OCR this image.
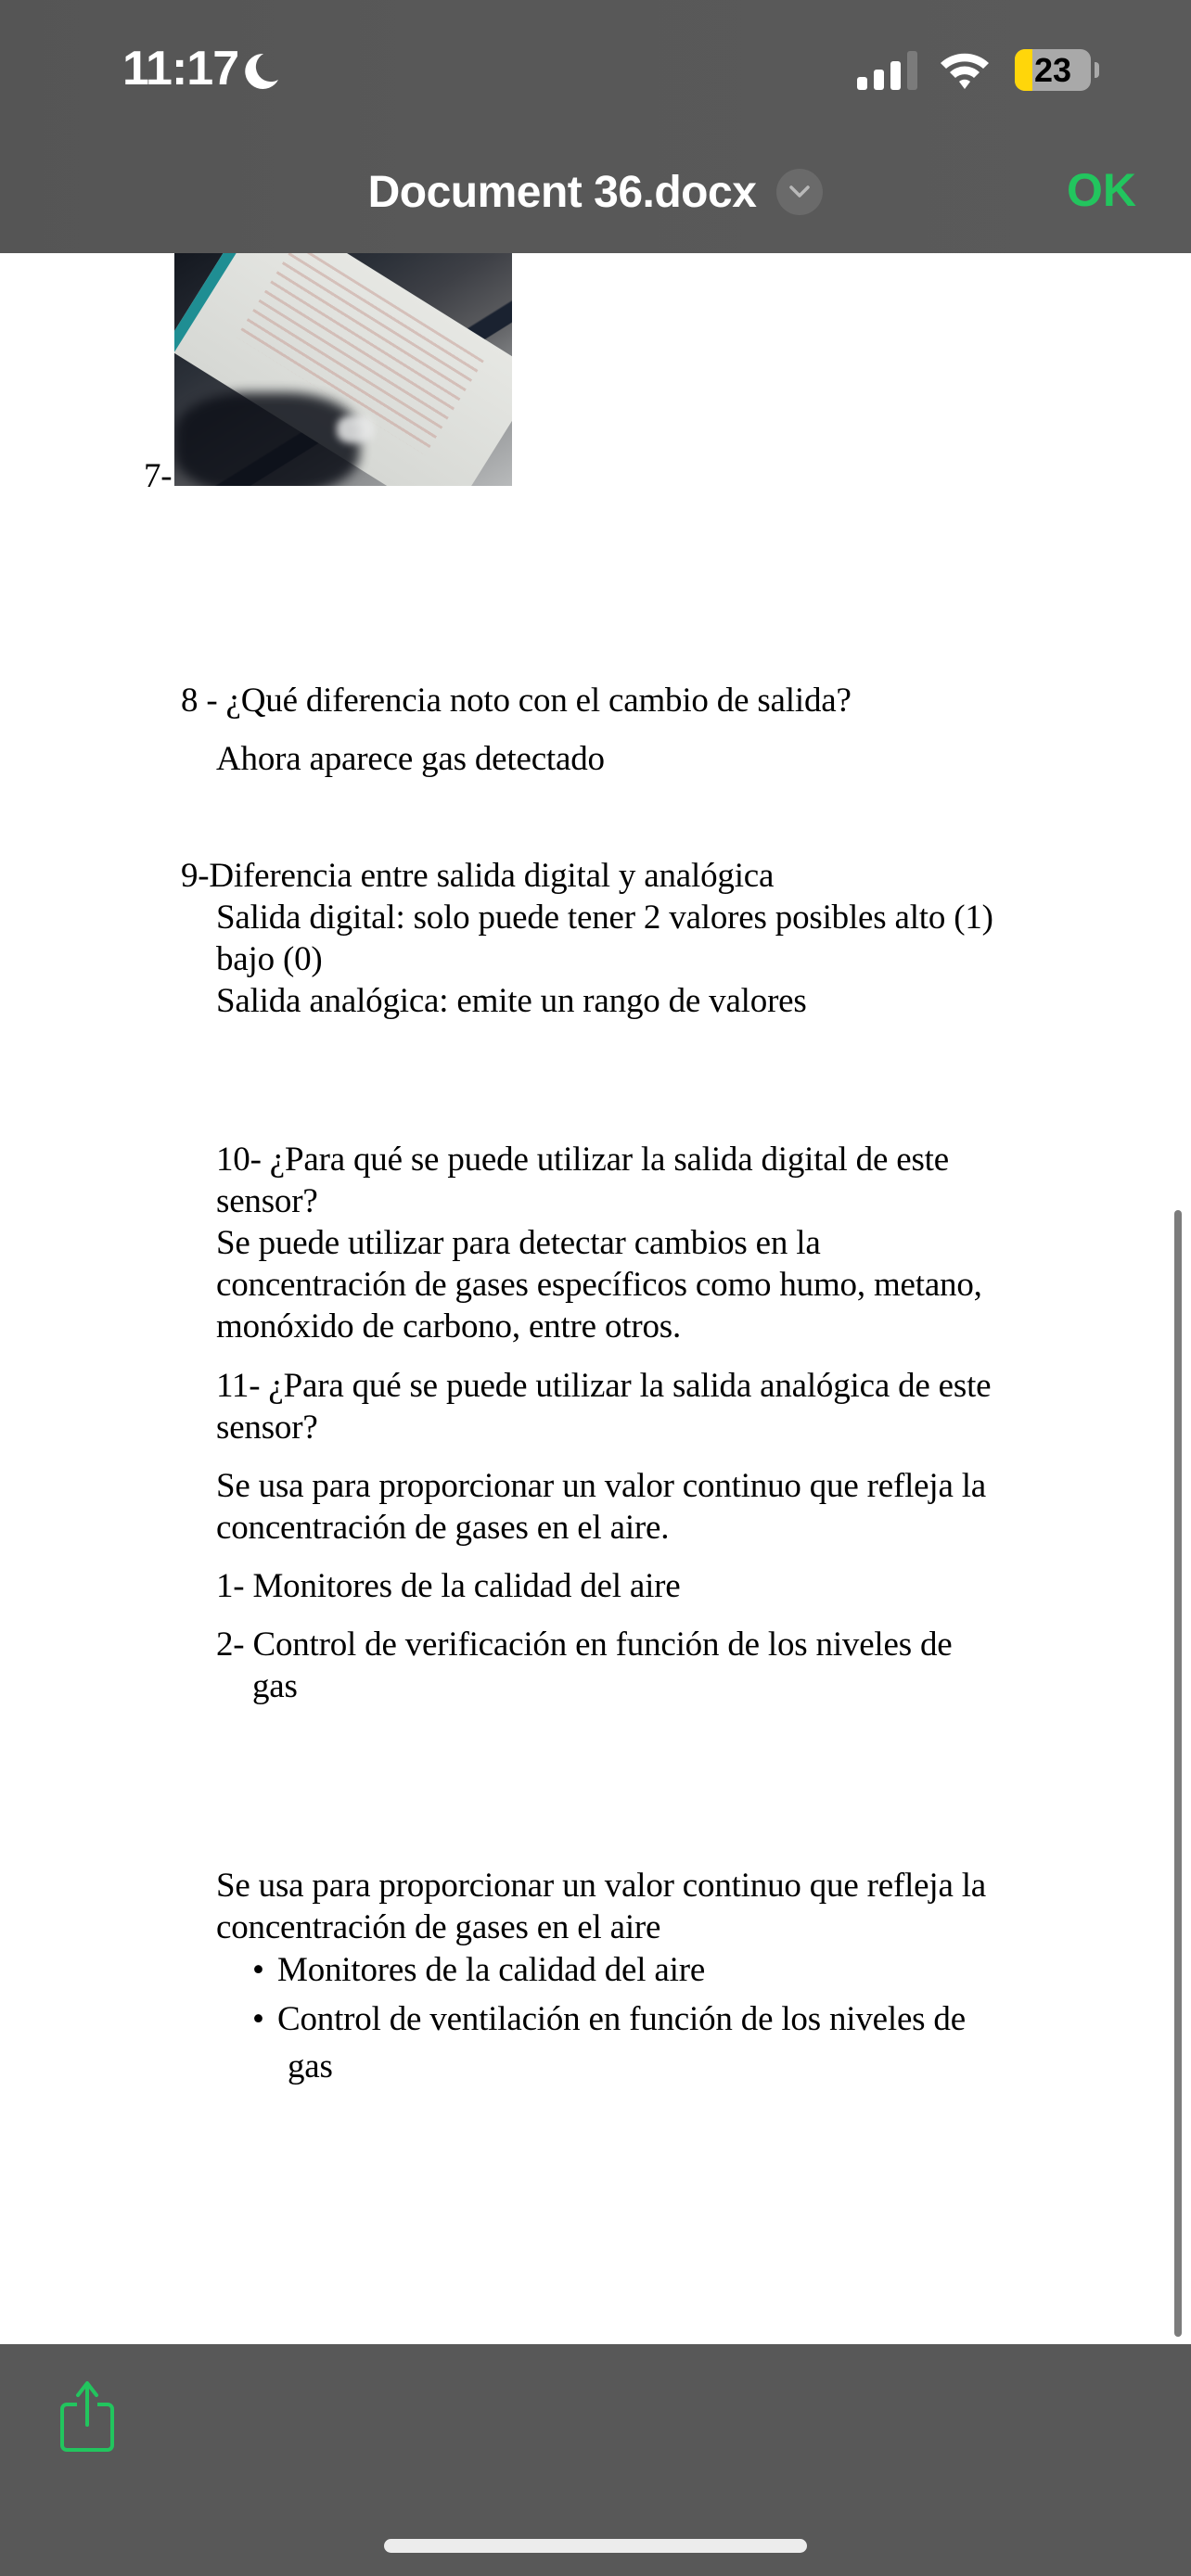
11:17	23
Document 36.docx	OK
7-
8 - ¿Qué diferencia noto con el cambio de salida?
Ahora aparece gas detectado
9-Diferencia entre salida digital y analógica
Salida digital: solo puede tener 2 valores posibles alto (1)
bajo (0)
Salida analógica: emite un rango de valores
10- ¿Para qué se puede utilizar la salida digital de este
sensor?
Se puede utilizar para detectar cambios en la
concentración de gases específicos como humo, metano,
monóxido de carbono, entre otros.
11- ¿Para qué se puede utilizar la salida analógica de este
sensor?
Se usa para proporcionar un valor continuo que refleja la
concentración de gases en el aire.
1- Monitores de la calidad del aire
2- Control de verificación en función de los niveles de
gas
Se usa para proporcionar un valor continuo que refleja la
concentración de gases en el aire
• Monitores de la calidad del aire
• Control de ventilación en función de los niveles de
gas
